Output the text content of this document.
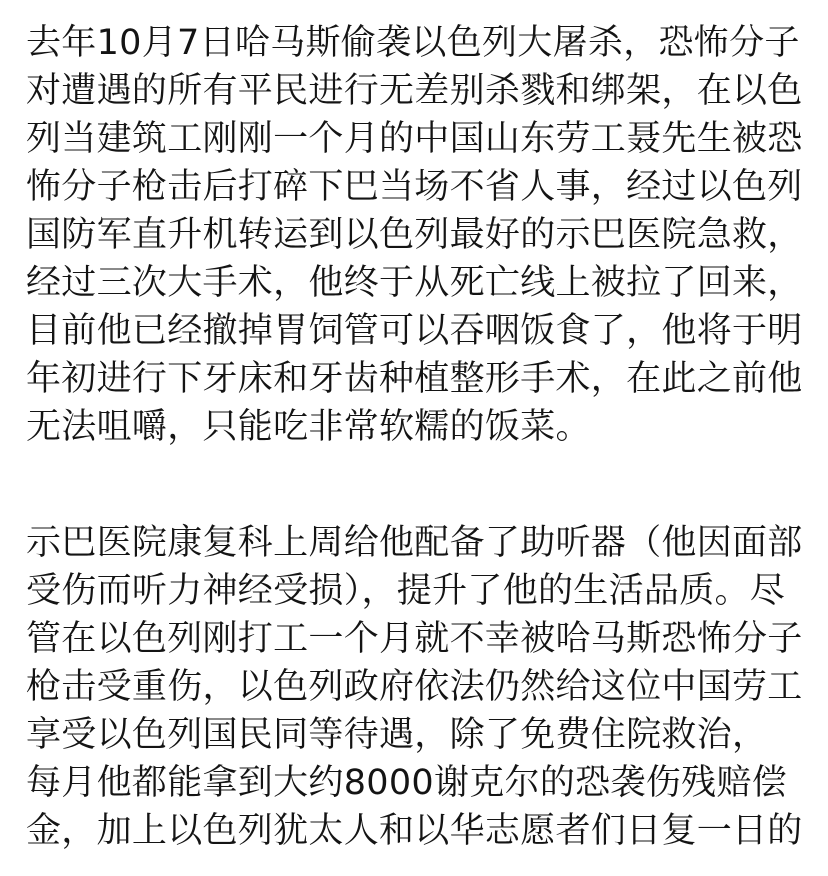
去年10月7日哈马斯偷袭以色列大屠杀，恐怖分子
对遭遇的所有平民进行无差别杀戮和绑架，在以色
列当建筑工刚刚一个月的中国山东劳工聂先生被恐
怖分子枪击后打碎下巴当场不省人事，经过以色列
国防军直升机转运到以色列最好的示巴医院急救，
经过三次大手术，他终于从死亡线上被拉了回来，
目前他已经撤掉胃饲管可以吞咽饭食了，他将于明
年初进行下牙床和牙齿种植整形手术，在此之前他
无法咀嚼，只能吃非常软糯的饭菜。
示巴医院康复科上周给他配备了助听器（他因面部
受伤而听力神经受损），提升了他的生活品质。尽
管在以色列刚打工一个月就不幸被哈马斯恐怖分子
枪击受重伤，以色列政府依法仍然给这位中国劳工
享受以色列国民同等待遇，除了免费住院救治，
每月他都能拿到大约8000谢克尔的恐袭伤残赔偿
金，加上以色列犹太人和以华志愿者们日复一日的
